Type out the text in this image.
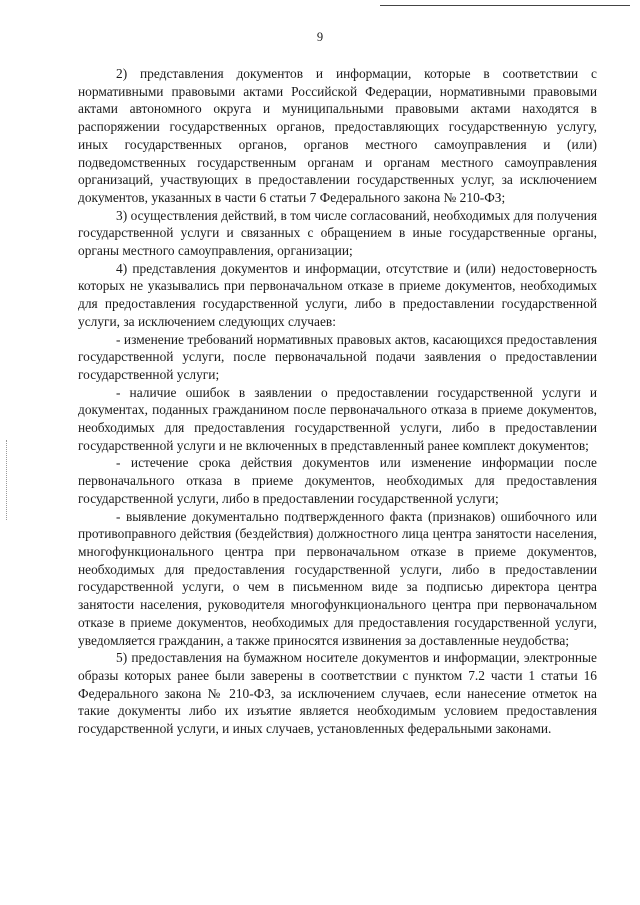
9

2) представления документов и информации, которые в соответствии с нормативными правовыми актами Российской Федерации, нормативными правовыми актами автономного округа и муниципальными правовыми актами находятся в распоряжении государственных органов, предоставляющих государственную услугу, иных государственных органов, органов местного самоуправления и (или) подведомственных государственным органам и органам местного самоуправления организаций, участвующих в предоставлении государственных услуг, за исключением документов, указанных в части 6 статьи 7 Федерального закона № 210-ФЗ;

3) осуществления действий, в том числе согласований, необходимых для получения государственной услуги и связанных с обращением в иные государственные органы, органы местного самоуправления, организации;

4) представления документов и информации, отсутствие и (или) недостоверность которых не указывались при первоначальном отказе в приеме документов, необходимых для предоставления государственной услуги, либо в предоставлении государственной услуги, за исключением следующих случаев:

- изменение требований нормативных правовых актов, касающихся предоставления государственной услуги, после первоначальной подачи заявления о предоставлении государственной услуги;

- наличие ошибок в заявлении о предоставлении государственной услуги и документах, поданных гражданином после первоначального отказа в приеме документов, необходимых для предоставления государственной услуги, либо в предоставлении государственной услуги и не включенных в представленный ранее комплект документов;

- истечение срока действия документов или изменение информации после первоначального отказа в приеме документов, необходимых для предоставления государственной услуги, либо в предоставлении государственной услуги;

- выявление документально подтвержденного факта (признаков) ошибочного или противоправного действия (бездействия) должностного лица центра занятости населения, многофункционального центра при первоначальном отказе в приеме документов, необходимых для предоставления государственной услуги, либо в предоставлении государственной услуги, о чем в письменном виде за подписью директора центра занятости населения, руководителя многофункционального центра при первоначальном отказе в приеме документов, необходимых для предоставления государственной услуги, уведомляется гражданин, а также приносятся извинения за доставленные неудобства;

5) предоставления на бумажном носителе документов и информации, электронные образы которых ранее были заверены в соответствии с пунктом 7.2 части 1 статьи 16 Федерального закона № 210-ФЗ, за исключением случаев, если нанесение отметок на такие документы либо их изъятие является необходимым условием предоставления государственной услуги, и иных случаев, установленных федеральными законами.
